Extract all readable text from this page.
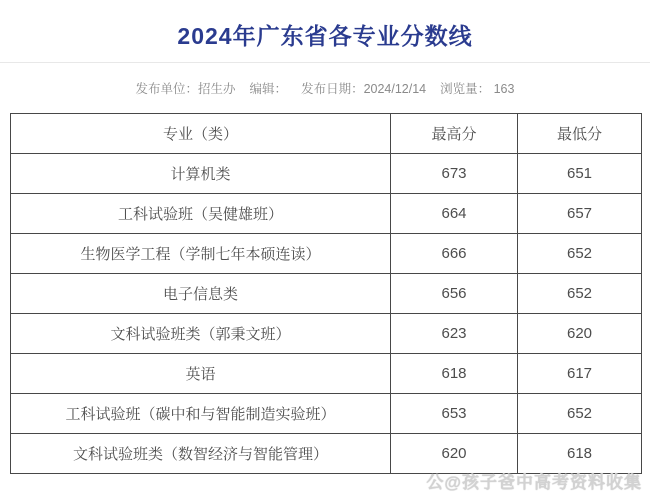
2024年广东省各专业分数线
发布单位：招生办 编辑： 发布日期：2024/12/14 浏览量： 163
专业（类）	最高分	最低分
计算机类	673	651
工科试验班（吴健雄班）	664	657
生物医学工程（学制七年本硕连读）	666	652
电子信息类	656	652
文科试验班类（郭秉文班）	623	620
英语	618	617
工科试验班（碳中和与智能制造实验班）	653	652
文科试验班类（数智经济与智能管理）	620	618
公@孩子爸中高考资料收集
